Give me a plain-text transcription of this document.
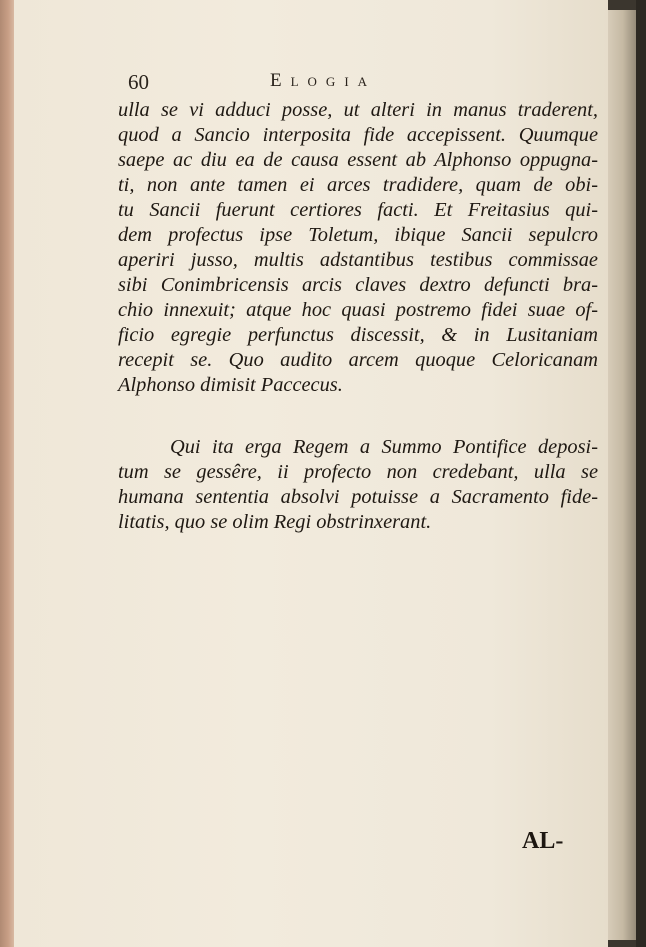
60	Elogia
ulla se vi adduci posse, ut alteri in manus traderent,
quod a Sancio interposita fide accepissent. Quumque
saepe ac diu ea de causa essent ab Alphonso oppugna-
ti, non ante tamen ei arces tradidere, quam de obi-
tu Sancii fuerunt certiores facti. Et Freitasius qui-
dem profectus ipse Toletum, ibique Sancii sepulcro
aperiri jusso, multis adstantibus testibus commissae
sibi Conimbricensis arcis claves dextro defuncti bra-
chio innexuit; atque hoc quasi postremo fidei suae of-
ficio egregie perfunctus discessit, & in Lusitaniam
recepit se. Quo audito arcem quoque Celoricanam
Alphonso dimisit Paccecus.
Qui ita erga Regem a Summo Pontifice deposi-
tum se gessêre, ii profecto non credebant, ulla se
humana sententia absolvi potuisse a Sacramento fide-
litatis, quo se olim Regi obstrinxerant.
AL-
